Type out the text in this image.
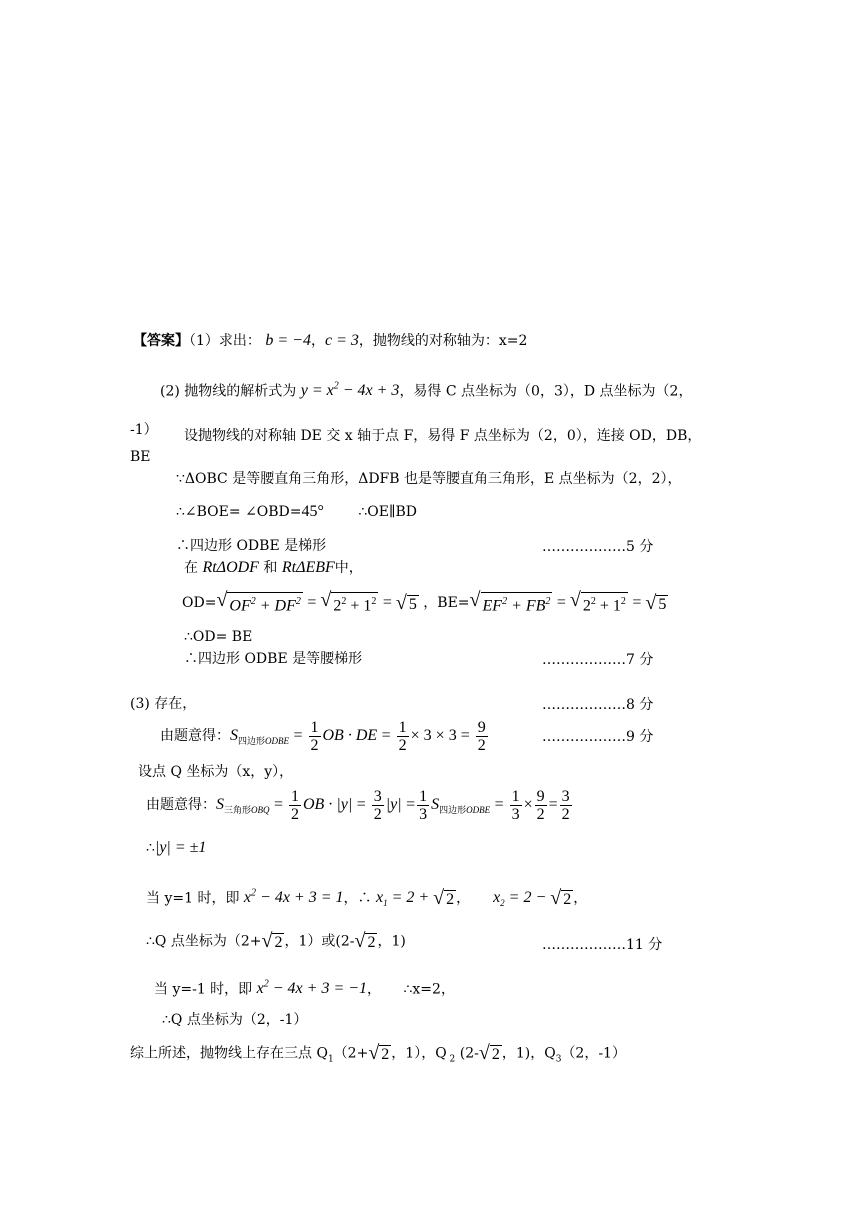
【答案】（1）求出： b = −4，c = 3，抛物线的对称轴为：x=2
(2) 抛物线的解析式为 $y = x^2 - 4x + 3$，易得 C 点坐标为（0，3），D 点坐标为（2，
-1） 设抛物线的对称轴 DE 交 x 轴于点 F，易得 F 点坐标为（2，0），连接 OD，DB，
BE
∵ΔOBC 是等腰直角三角形，ΔDFB 也是等腰直角三角形，E 点坐标为（2，2），
∴∠BOE= ∠OBD=45° ∴OE∥BD
∴四边形 ODBE 是梯形	………………5 分
在 RtΔODF 和 RtΔEBF中，
OD= √ $OF^2 + DF^2$ = √ $2^2 + 1^2$ = √ 5 ，BE= √ $EF^2 + FB^2$ = √ $2^2 + 1^2$ = √ 5
∴OD= BE
∴四边形 ODBE 是等腰梯形	………………7 分
(3) 存在，	………………8 分
由题意得：$S_{四边形ODBE} = \frac{1}{2}$ OB · DE = $\frac{1}{2} \times 3 \times 3 = \frac{9}{2}$	………………9 分
设点 Q 坐标为（x，y），
由题意得：$S_{三角形OBQ} = \frac{1}{2}$ OB · $|y| = \frac{3}{2} |y| = \frac{1}{3} S_{四边形ODBE} = \frac{1}{3} \times \frac{9}{2} = \frac{3}{2}$
∴|y| = ±1
当 y=1 时，即 $x^2 - 4x + 3 = 1$，∴ $x_1 = 2$ + √ 2 ， $x_2 = 2$ − √ 2 ，
∴Q 点坐标为（2+ √ 2 ，1）或(2- √ 2 ，1)	………………11 分
当 y=-1 时，即 $x^2 - 4x + 3 = -1$， ∴x=2，
∴Q 点坐标为（2，-1）
综上所述，抛物线上存在三点 $Q_1(2+$ √ 2 ，1），Q $_2$ (2- √ 2 ，1)，$Q_3(2$，-1）
